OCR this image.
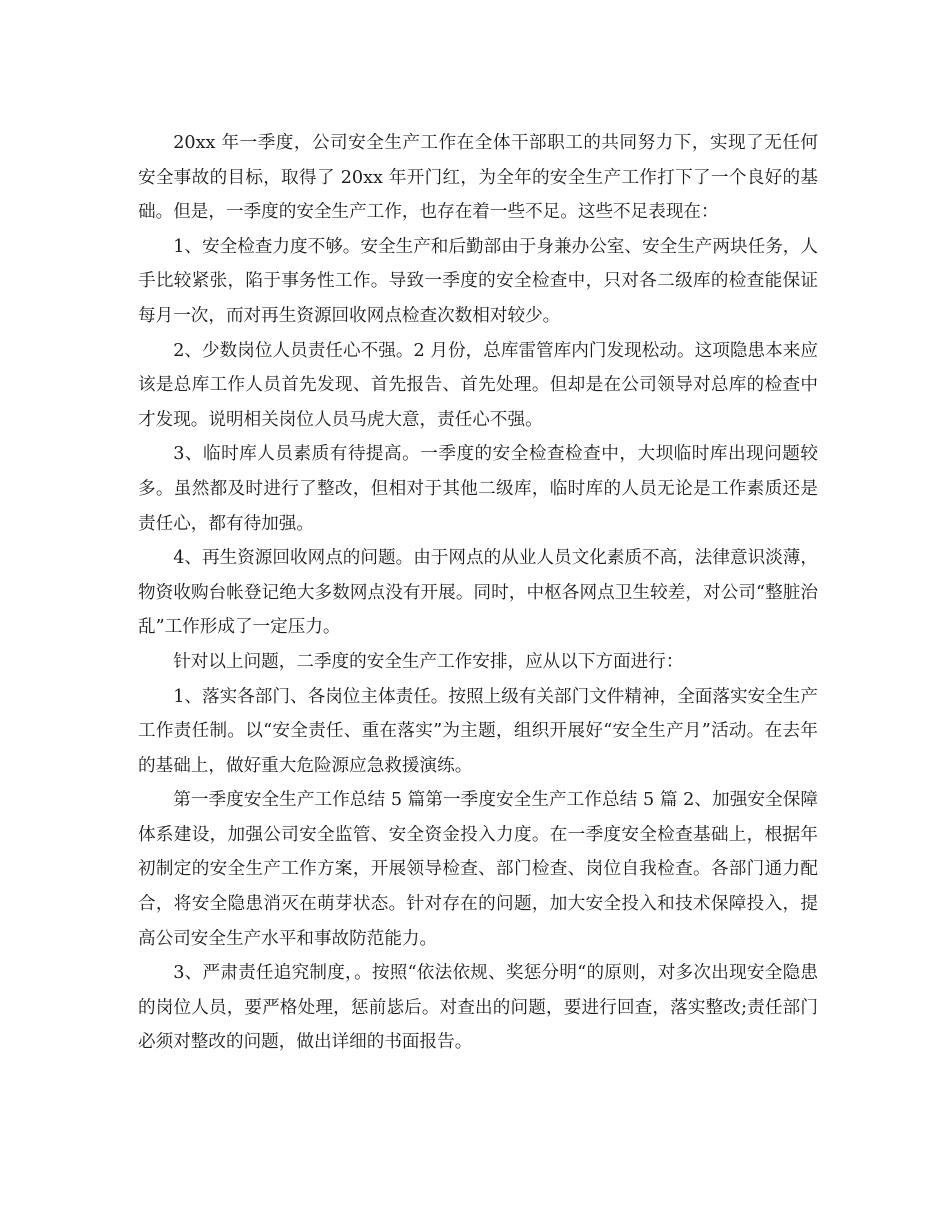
20xx 年一季度，公司安全生产工作在全体干部职工的共同努力下，实现了无任何安全事故的目标，取得了 20xx 年开门红，为全年的安全生产工作打下了一个良好的基础。但是，一季度的安全生产工作，也存在着一些不足。这些不足表现在：

1、安全检查力度不够。安全生产和后勤部由于身兼办公室、安全生产两块任务，人手比较紧张，陷于事务性工作。导致一季度的安全检查中，只对各二级库的检查能保证每月一次，而对再生资源回收网点检查次数相对较少。

2、少数岗位人员责任心不强。2 月份，总库雷管库内门发现松动。这项隐患本来应该是总库工作人员首先发现、首先报告、首先处理。但却是在公司领导对总库的检查中才发现。说明相关岗位人员马虎大意，责任心不强。

3、临时库人员素质有待提高。一季度的安全检查检查中，大坝临时库出现问题较多。虽然都及时进行了整改，但相对于其他二级库，临时库的人员无论是工作素质还是责任心，都有待加强。

4、再生资源回收网点的问题。由于网点的从业人员文化素质不高，法律意识淡薄，物资收购台帐登记绝大多数网点没有开展。同时，中枢各网点卫生较差，对公司“整脏治乱”工作形成了一定压力。

针对以上问题，二季度的安全生产工作安排，应从以下方面进行：

1、落实各部门、各岗位主体责任。按照上级有关部门文件精神，全面落实安全生产工作责任制。以“安全责任、重在落实”为主题，组织开展好“安全生产月”活动。在去年的基础上，做好重大危险源应急救援演练。

第一季度安全生产工作总结 5 篇第一季度安全生产工作总结 5 篇 2、加强安全保障体系建设，加强公司安全监管、安全资金投入力度。在一季度安全检查基础上，根据年初制定的安全生产工作方案，开展领导检查、部门检查、岗位自我检查。各部门通力配合，将安全隐患消灭在萌芽状态。针对存在的问题，加大安全投入和技术保障投入，提高公司安全生产水平和事故防范能力。

3、严肃责任追究制度，。按照“依法依规、奖惩分明“的原则，对多次出现安全隐患的岗位人员，要严格处理，惩前毖后。对查出的问题，要进行回查，落实整改;责任部门必须对整改的问题，做出详细的书面报告。
